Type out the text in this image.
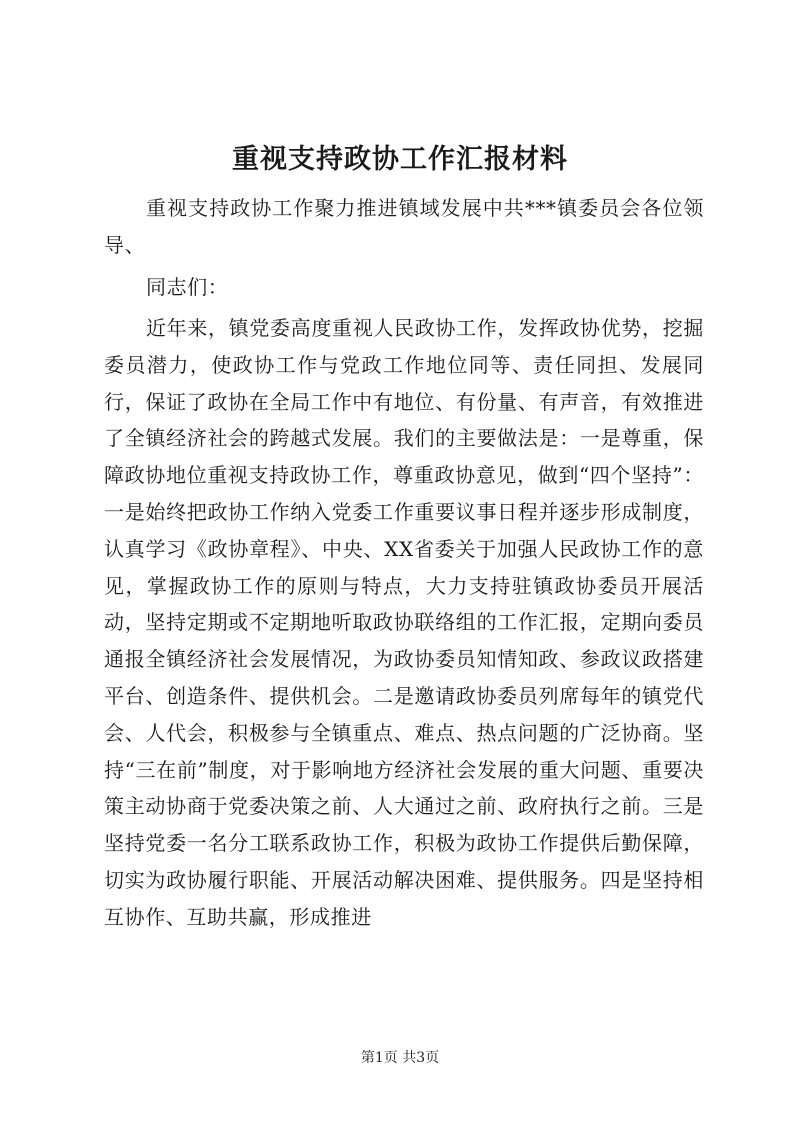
重视支持政协工作汇报材料

重视支持政协工作聚力推进镇域发展中共***镇委员会各位领导、

同志们：

近年来，镇党委高度重视人民政协工作，发挥政协优势，挖掘委员潜力，使政协工作与党政工作地位同等、责任同担、发展同行，保证了政协在全局工作中有地位、有份量、有声音，有效推进了全镇经济社会的跨越式发展。我们的主要做法是：一是尊重，保障政协地位重视支持政协工作，尊重政协意见，做到“四个坚持”：一是始终把政协工作纳入党委工作重要议事日程并逐步形成制度，认真学习《政协章程》、中央、XX省委关于加强人民政协工作的意见，掌握政协工作的原则与特点，大力支持驻镇政协委员开展活动，坚持定期或不定期地听取政协联络组的工作汇报，定期向委员通报全镇经济社会发展情况，为政协委员知情知政、参政议政搭建平台、创造条件、提供机会。二是邀请政协委员列席每年的镇党代会、人代会，积极参与全镇重点、难点、热点问题的广泛协商。坚持“三在前”制度，对于影响地方经济社会发展的重大问题、重要决策主动协商于党委决策之前、人大通过之前、政府执行之前。三是坚持党委一名分工联系政协工作，积极为政协工作提供后勤保障，切实为政协履行职能、开展活动解决困难、提供服务。四是坚持相互协作、互助共赢，形成推进

第1页 共3页
